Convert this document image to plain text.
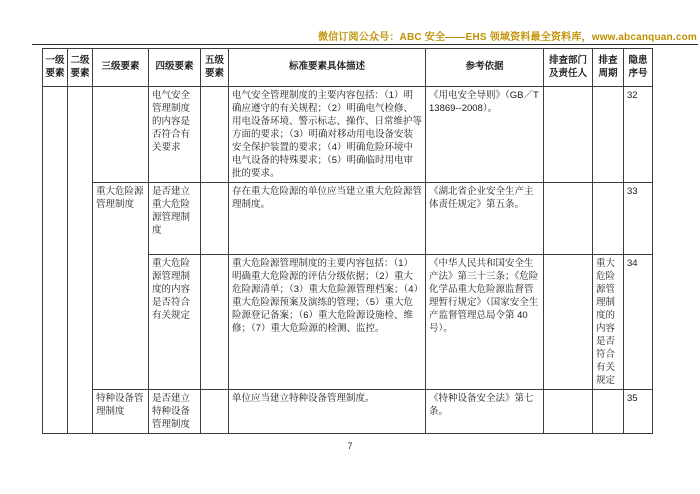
微信订阅公众号：ABC 安全——EHS 领域资料最全资料库，www.abcanquan.com
一级要素	二级要素	三级要素	四级要素	五级要素	标准要素具体描述	参考依据	排查部门及责任人	排查周期	隐患序号
			电气安全管理制度的内容是否符合有关要求		电气安全管理制度的主要内容包括：（1）明确应遵守的有关规程；（2）明确电气检修、用电设备环境、警示标志、操作、日常维护等方面的要求；（3）明确对移动用电设备安装安全保护装置的要求；（4）明确危险环境中电气设备的特殊要求；（5）明确临时用电审批的要求。	《用电安全导则》（GB／T13869--2008）。			32
		重大危险源管理制度	是否建立重大危险源管理制度		存在重大危险源的单位应当建立重大危险源管理制度。	《湖北省企业安全生产主体责任规定》第五条。			33
			重大危险源管理制度的内容是否符合有关规定		重大危险源管理制度的主要内容包括：（1）明确重大危险源的评估分级依据；（2）重大危险源清单；（3）重大危险源管理档案；（4）重大危险源预案及演练的管理；（5）重大危险源登记备案；（6）重大危险源设施检、维修；（7）重大危险源的检测、监控。	《中华人民共和国安全生产法》第三十三条；《危险化学品重大危险源监督管理暂行规定》（国家安全生产监督管理总局令第 40 号）。		重大危险源管理制度的内容是否符合有关规定	34
		特种设备管理制度	是否建立特种设备管理制度		单位应当建立特种设备管理制度。	《特种设备安全法》第七条。			35
7
